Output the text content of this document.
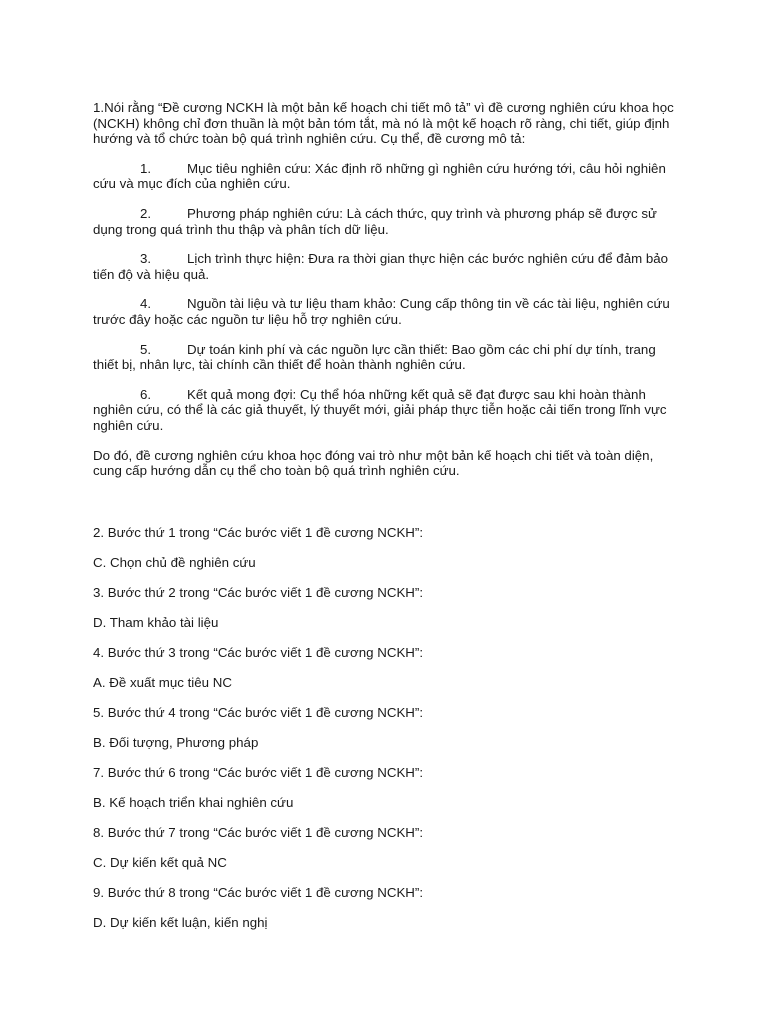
1.Nói rằng “Đề cương NCKH là một bản kế hoạch chi tiết mô tả” vì đề cương nghiên cứu khoa học (NCKH) không chỉ đơn thuần là một bản tóm tắt, mà nó là một kế hoạch rõ ràng, chi tiết, giúp định hướng và tổ chức toàn bộ quá trình nghiên cứu. Cụ thể, đề cương mô tả:

1.	Mục tiêu nghiên cứu: Xác định rõ những gì nghiên cứu hướng tới, câu hỏi nghiên cứu và mục đích của nghiên cứu.

2.	Phương pháp nghiên cứu: Là cách thức, quy trình và phương pháp sẽ được sử dụng trong quá trình thu thập và phân tích dữ liệu.

3.	Lịch trình thực hiện: Đưa ra thời gian thực hiện các bước nghiên cứu để đảm bảo tiến độ và hiệu quả.

4.	Nguồn tài liệu và tư liệu tham khảo: Cung cấp thông tin về các tài liệu, nghiên cứu trước đây hoặc các nguồn tư liệu hỗ trợ nghiên cứu.

5.	Dự toán kinh phí và các nguồn lực cần thiết: Bao gồm các chi phí dự tính, trang thiết bị, nhân lực, tài chính cần thiết để hoàn thành nghiên cứu.

6.	Kết quả mong đợi: Cụ thể hóa những kết quả sẽ đạt được sau khi hoàn thành nghiên cứu, có thể là các giả thuyết, lý thuyết mới, giải pháp thực tiễn hoặc cải tiến trong lĩnh vực nghiên cứu.

Do đó, đề cương nghiên cứu khoa học đóng vai trò như một bản kế hoạch chi tiết và toàn diện, cung cấp hướng dẫn cụ thể cho toàn bộ quá trình nghiên cứu.

2. Bước thứ 1 trong “Các bước viết 1 đề cương NCKH”:

C. Chọn chủ đề nghiên cứu

3. Bước thứ 2 trong “Các bước viết 1 đề cương NCKH”:

D. Tham khảo tài liệu

4. Bước thứ 3 trong “Các bước viết 1 đề cương NCKH”:

A. Đề xuất mục tiêu NC

5. Bước thứ 4 trong “Các bước viết 1 đề cương NCKH”:

B. Đối tượng, Phương pháp

7. Bước thứ 6 trong “Các bước viết 1 đề cương NCKH”:

B. Kế hoạch triển khai nghiên cứu

8. Bước thứ 7 trong “Các bước viết 1 đề cương NCKH”:

C. Dự kiến kết quả NC

9. Bước thứ 8 trong “Các bước viết 1 đề cương NCKH”:

D. Dự kiến kết luận, kiến nghị
